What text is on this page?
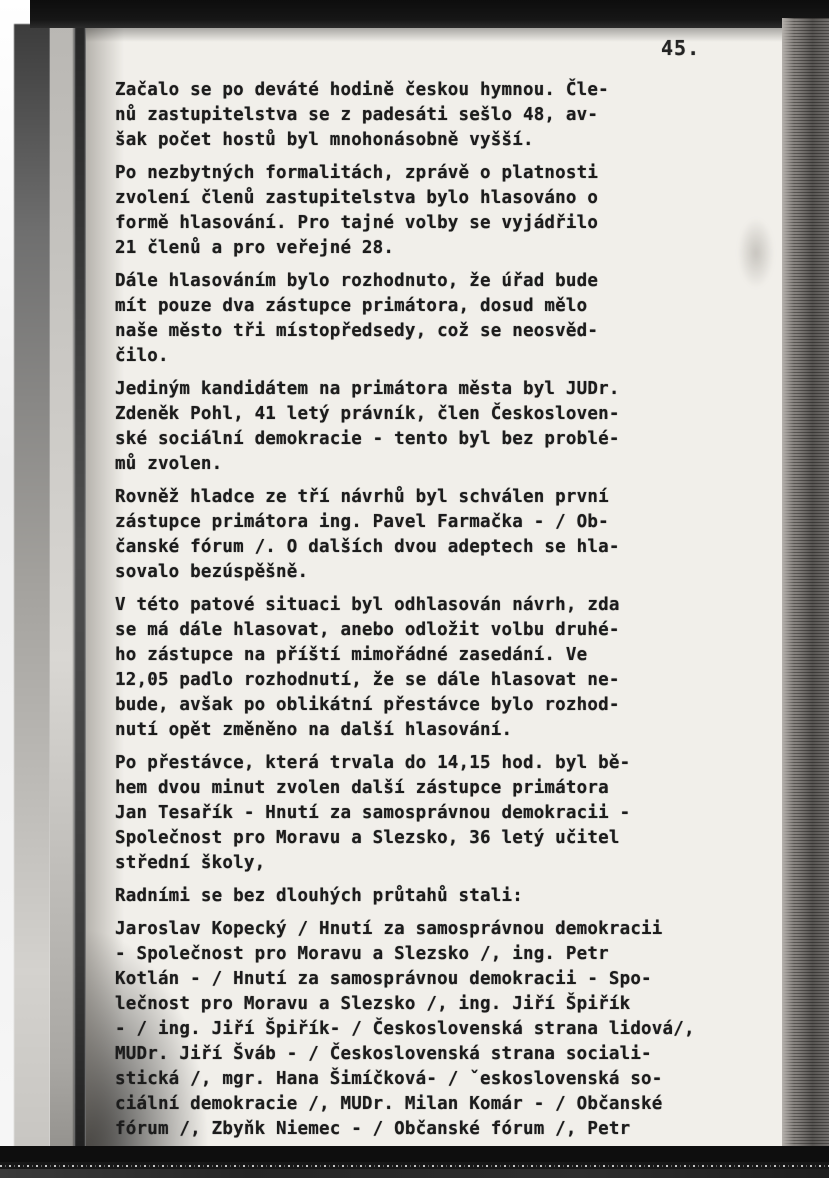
45.
Začalo se po deváté hodině českou hymnou. Čle-
nů zastupitelstva se z padesáti sešlo 48, av-
šak počet hostů byl mnohonásobně vyšší.
Po nezbytných formalitách, zprávě o platnosti
zvolení členů zastupitelstva bylo hlasováno o
formě hlasování. Pro tajné volby se vyjádřilo
21 členů a pro veřejné 28.
Dále hlasováním bylo rozhodnuto, že úřad bude
mít pouze dva zástupce primátora, dosud mělo
naše město tři místopředsedy, což se neosvěd-
čilo.
Jediným kandidátem na primátora města byl JUDr.
Zdeněk Pohl, 41 letý právník, člen Českosloven-
ské sociální demokracie - tento byl bez problé-
mů zvolen.
Rovněž hladce ze tří návrhů byl schválen první
zástupce primátora ing. Pavel Farmačka - / Ob-
čanské fórum /. O dalších dvou adeptech se hla-
sovalo bezúspěšně.
V této patové situaci byl odhlasován návrh, zda
se má dále hlasovat, anebo odložit volbu druhé-
ho zástupce na příští mimořádné zasedání. Ve
12,05 padlo rozhodnutí, že se dále hlasovat ne-
bude, avšak po oblikátní přestávce bylo rozhod-
nutí opět změněno na další hlasování.
Po přestávce, která trvala do 14,15 hod. byl bě-
hem dvou minut zvolen další zástupce primátora
Jan Tesařík - Hnutí za samosprávnou demokracii -
Společnost pro Moravu a Slezsko, 36 letý učitel
střední školy,
Radními se bez dlouhých průtahů stali:
Jaroslav Kopecký / Hnutí za samosprávnou demokracii
- Společnost pro Moravu a Slezsko /, ing. Petr
Kotlán - / Hnutí za samosprávnou demokracii - Spo-
lečnost pro Moravu a Slezsko /, ing. Jiří Špiřík
- / ing. Jiří Špiřík- / Československá strana lidová/,
MUDr. Jiří Šváb - / Československá strana sociali-
stická /, mgr. Hana Šimíčková- / ˇeskoslovenská so-
ciální demokracie /, MUDr. Milan Komár - / Občanské
fórum /, Zbyňk Niemec - / Občanské fórum /, Petr
